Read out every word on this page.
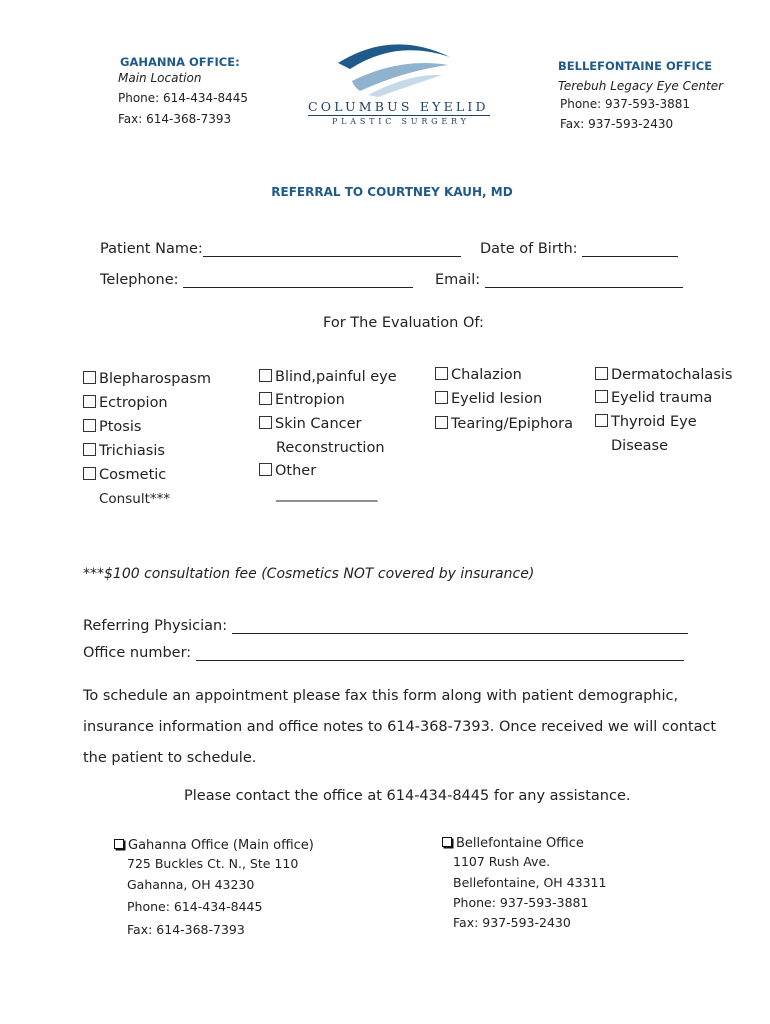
GAHANNA OFFICE:
Main Location
Phone: 614-434-8445
Fax: 614-368-7393
COLUMBUS EYELID
PLASTIC SURGERY
BELLEFONTAINE OFFICE
Terebuh Legacy Eye Center
Phone: 937-593-3881
Fax: 937-593-2430
REFERRAL TO COURTNEY KAUH, MD
Patient Name:	Date of Birth:
Telephone:	Email:
For The Evaluation Of:
Blepharospasm
Ectropion
Ptosis
Trichiasis
Cosmetic
Consult***
Blind,painful eye
Entropion
Skin Cancer
Reconstruction
Other
______________
Chalazion
Eyelid lesion
Tearing/Epiphora
Dermatochalasis
Eyelid trauma
Thyroid Eye
Disease
***$100 consultation fee (Cosmetics NOT covered by insurance)
Referring Physician:
Office number:
To schedule an appointment please fax this form along with patient demographic,
insurance information and office notes to 614-368-7393. Once received we will contact
the patient to schedule.
Please contact the office at 614-434-8445 for any assistance.
Gahanna Office (Main office)
725 Buckles Ct. N., Ste 110
Gahanna, OH 43230
Phone: 614-434-8445
Fax: 614-368-7393
Bellefontaine Office
1107 Rush Ave.
Bellefontaine, OH 43311
Phone: 937-593-3881
Fax: 937-593-2430
